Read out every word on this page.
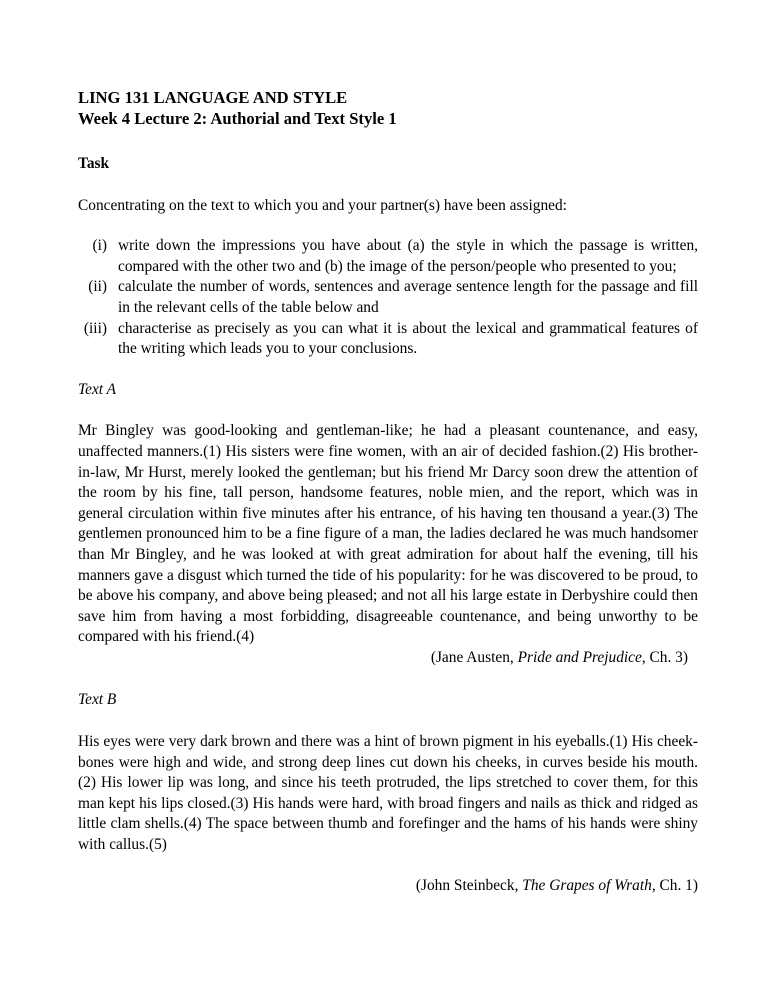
LING 131 LANGUAGE AND STYLE

Week 4 Lecture 2: Authorial and Text Style 1

Task

Concentrating on the text to which you and your partner(s) have been assigned:

(i) write down the impressions you have about (a) the style in which the passage is written, compared with the other two and (b) the image of the person/people who presented to you;
(ii) calculate the number of words, sentences and average sentence length for the passage and fill in the relevant cells of the table below and
(iii) characterise as precisely as you can what it is about the lexical and grammatical features of the writing which leads you to your conclusions.

Text A

Mr Bingley was good-looking and gentleman-like; he had a pleasant countenance, and easy, unaffected manners.(1) His sisters were fine women, with an air of decided fashion.(2) His brother-in-law, Mr Hurst, merely looked the gentleman; but his friend Mr Darcy soon drew the attention of the room by his fine, tall person, handsome features, noble mien, and the report, which was in general circulation within five minutes after his entrance, of his having ten thousand a year.(3) The gentlemen pronounced him to be a fine figure of a man, the ladies declared he was much handsomer than Mr Bingley, and he was looked at with great admiration for about half the evening, till his manners gave a disgust which turned the tide of his popularity: for he was discovered to be proud, to be above his company, and above being pleased; and not all his large estate in Derbyshire could then save him from having a most forbidding, disagreeable countenance, and being unworthy to be compared with his friend.(4)

(Jane Austen, Pride and Prejudice, Ch. 3)

Text B

His eyes were very dark brown and there was a hint of brown pigment in his eyeballs.(1) His cheek-bones were high and wide, and strong deep lines cut down his cheeks, in curves beside his mouth.(2) His lower lip was long, and since his teeth protruded, the lips stretched to cover them, for this man kept his lips closed.(3) His hands were hard, with broad fingers and nails as thick and ridged as little clam shells.(4) The space between thumb and forefinger and the hams of his hands were shiny with callus.(5)

(John Steinbeck, The Grapes of Wrath, Ch. 1)
